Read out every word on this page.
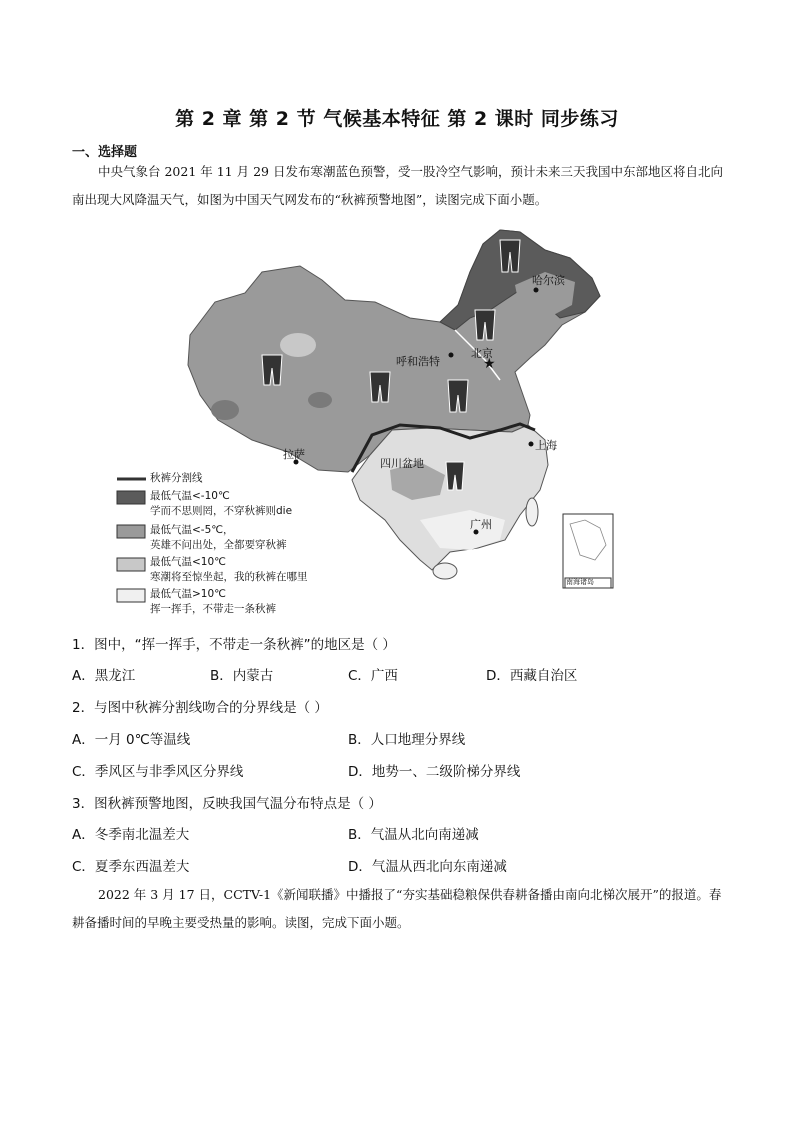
第 2 章 第 2 节 气候基本特征 第 2 课时 同步练习
一、选择题
中央气象台 2021 年 11 月 29 日发布寒潮蓝色预警，受一股冷空气影响，预计未来三天我国中东部地区将自北向南出现大风降温天气，如图为中国天气网发布的“秋裤预警地图”，读图完成下面小题。
★
哈尔滨
呼和浩特
北京
拉萨
四川盆地
上海
广州
南海诸岛
秋裤分割线
最低气温<-10℃
学而不思则罔，不穿秋裤则die
最低气温<-5℃，
英雄不问出处，全都要穿秋裤
最低气温<10℃
寒潮将至惊坐起，我的秋裤在哪里
最低气温>10℃
挥一挥手，不带走一条秋裤
1．图中，“挥一挥手，不带走一条秋裤”的地区是（ ）
A．黑龙江	B．内蒙古	C．广西	D．西藏自治区
2．与图中秋裤分割线吻合的分界线是（ ）
A．一月 0℃等温线	B．人口地理分界线
C．季风区与非季风区分界线	D．地势一、二级阶梯分界线
3．图秋裤预警地图，反映我国气温分布特点是（ ）
A．冬季南北温差大	B．气温从北向南递减
C．夏季东西温差大	D．气温从西北向东南递减
2022 年 3 月 17 日，CCTV-1《新闻联播》中播报了“夯实基础稳粮保供春耕备播由南向北梯次展开”的报道。春耕备播时间的早晚主要受热量的影响。读图，完成下面小题。
